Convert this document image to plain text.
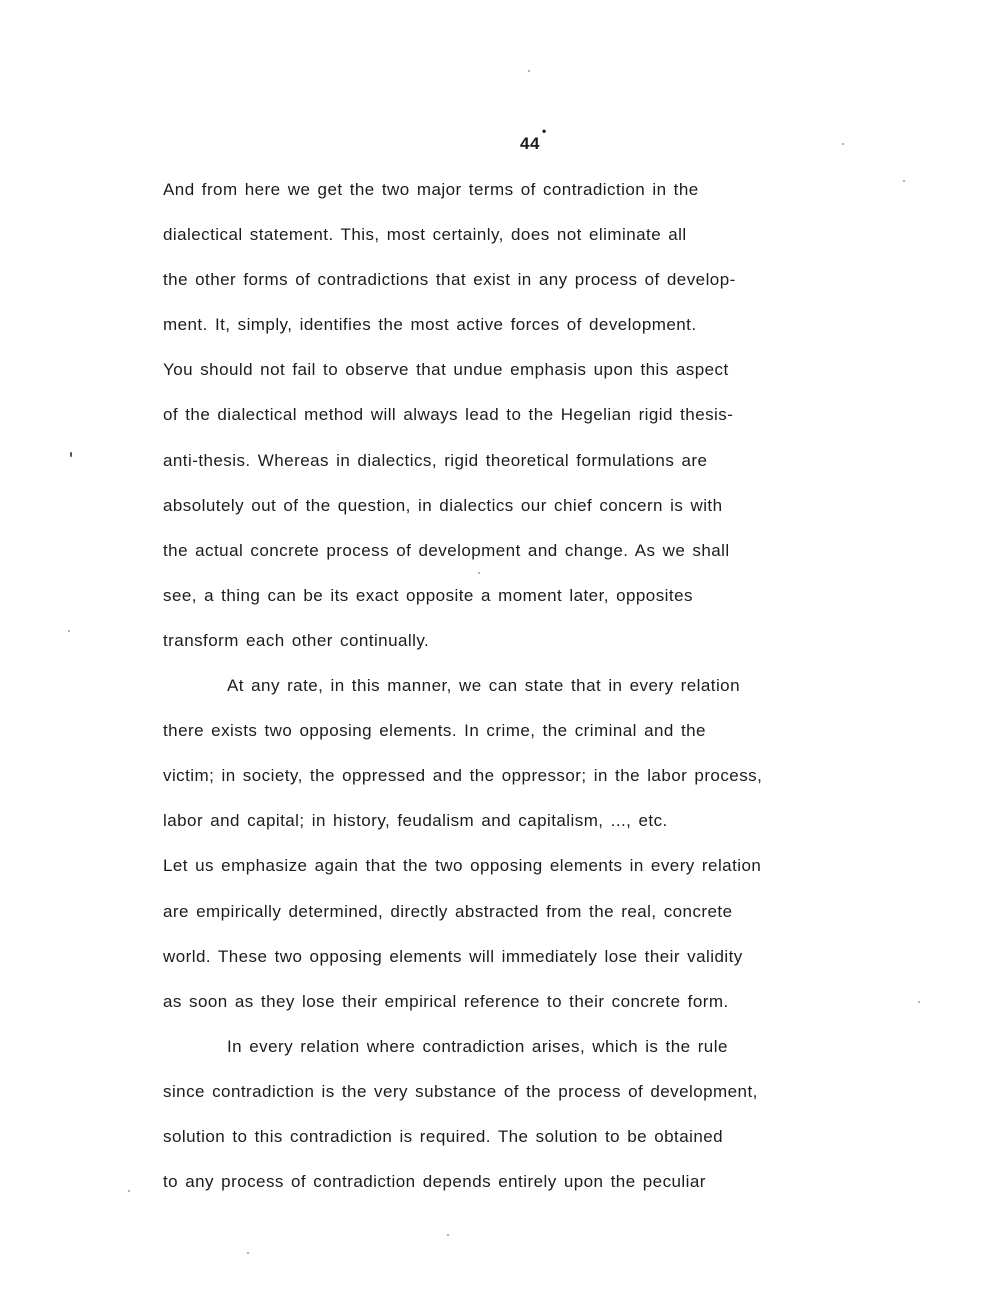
44
•
And from here we get the two major terms of contradiction in the
dialectical statement. This, most certainly, does not eliminate all
the other forms of contradictions that exist in any process of develop-
ment. It, simply, identifies the most active forces of development.
You should not fail to observe that undue emphasis upon this aspect
of the dialectical method will always lead to the Hegelian rigid thesis-
anti-thesis. Whereas in dialectics, rigid theoretical formulations are
absolutely out of the question, in dialectics our chief concern is with
the actual concrete process of development and change. As we shall
see, a thing can be its exact opposite a moment later, opposites
transform each other continually.
At any rate, in this manner, we can state that in every relation
there exists two opposing elements. In crime, the criminal and the
victim; in society, the oppressed and the oppressor; in the labor process,
labor and capital; in history, feudalism and capitalism, ..., etc.
Let us emphasize again that the two opposing elements in every relation
are empirically determined, directly abstracted from the real, concrete
world. These two opposing elements will immediately lose their validity
as soon as they lose their empirical reference to their concrete form.
In every relation where contradiction arises, which is the rule
since contradiction is the very substance of the process of development,
solution to this contradiction is required. The solution to be obtained
to any process of contradiction depends entirely upon the peculiar
